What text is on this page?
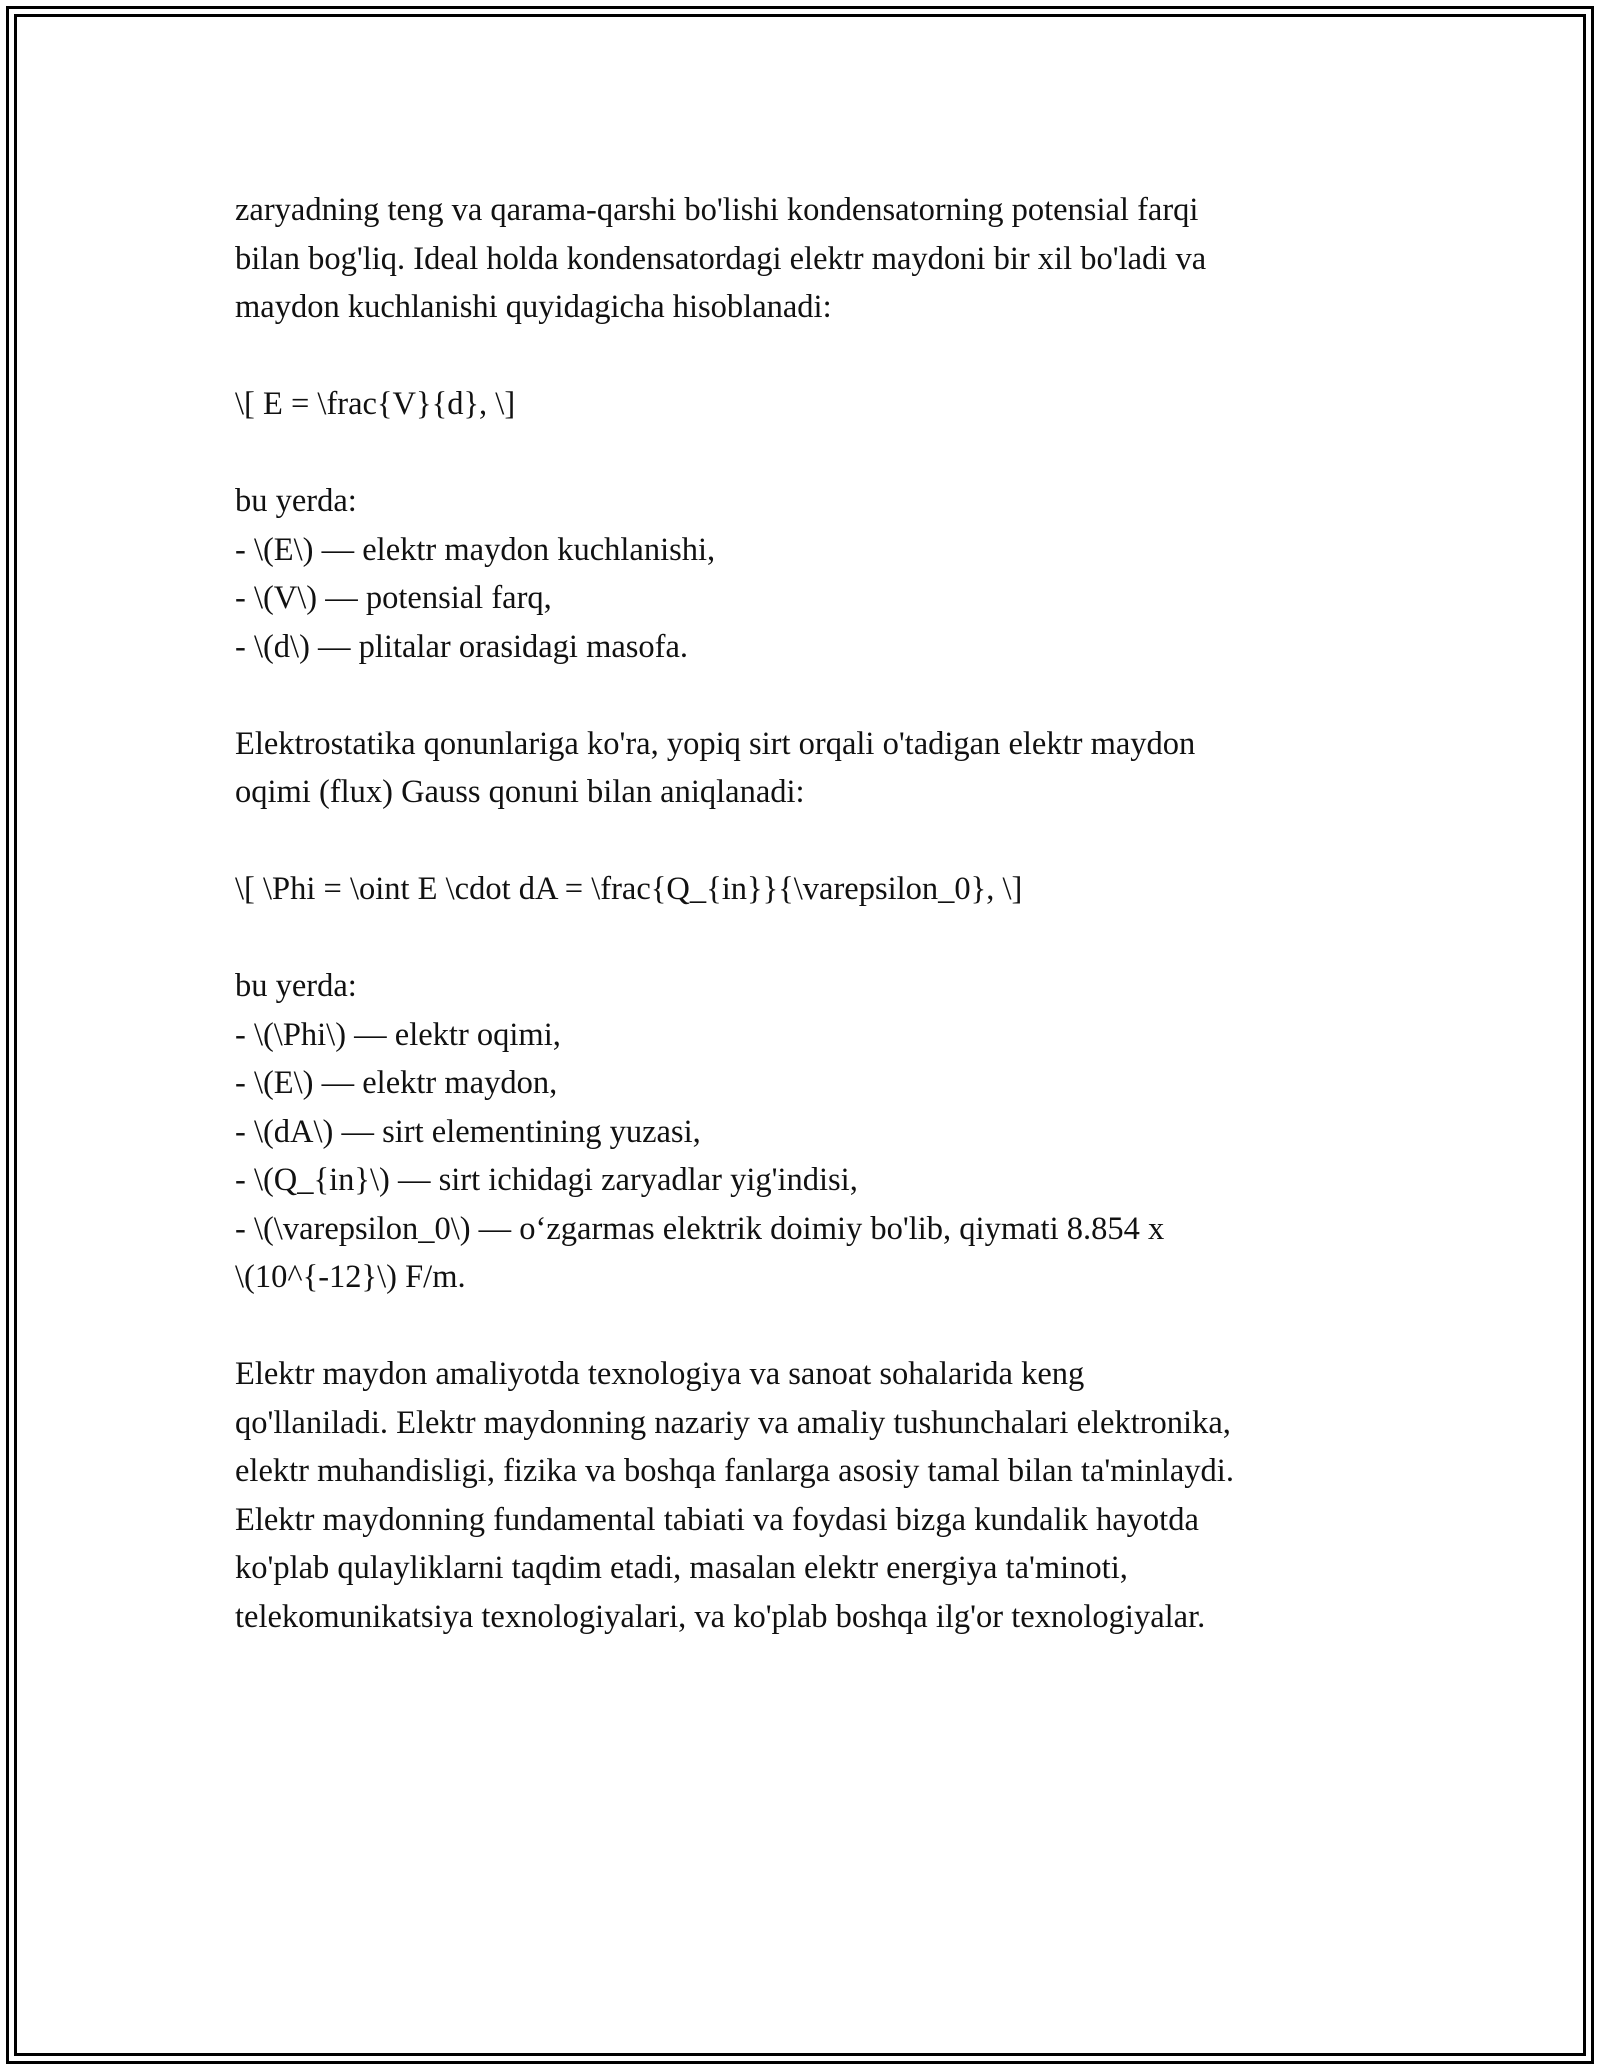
zaryadning teng va qarama-qarshi bo'lishi kondensatorning potensial farqi
bilan bog'liq. Ideal holda kondensatordagi elektr maydoni bir xil bo'ladi va
maydon kuchlanishi quyidagicha hisoblanadi:
\[ E = \frac{V}{d}, \]
bu yerda:
- \(E\) — elektr maydon kuchlanishi,
- \(V\) — potensial farq,
- \(d\) — plitalar orasidagi masofa.
Elektrostatika qonunlariga ko'ra, yopiq sirt orqali o'tadigan elektr maydon
oqimi (flux) Gauss qonuni bilan aniqlanadi:
\[ \Phi = \oint E \cdot dA = \frac{Q_{in}}{\varepsilon_0}, \]
bu yerda:
- \(\Phi\) — elektr oqimi,
- \(E\) — elektr maydon,
- \(dA\) — sirt elementining yuzasi,
- \(Q_{in}\) — sirt ichidagi zaryadlar yig'indisi,
- \(\varepsilon_0\) — o‘zgarmas elektrik doimiy bo'lib, qiymati 8.854 x
\(10^{-12}\) F/m.
Elektr maydon amaliyotda texnologiya va sanoat sohalarida keng
qo'llaniladi. Elektr maydonning nazariy va amaliy tushunchalari elektronika,
elektr muhandisligi, fizika va boshqa fanlarga asosiy tamal bilan ta'minlaydi.
Elektr maydonning fundamental tabiati va foydasi bizga kundalik hayotda
ko'plab qulayliklarni taqdim etadi, masalan elektr energiya ta'minoti,
telekomunikatsiya texnologiyalari, va ko'plab boshqa ilg'or texnologiyalar.
